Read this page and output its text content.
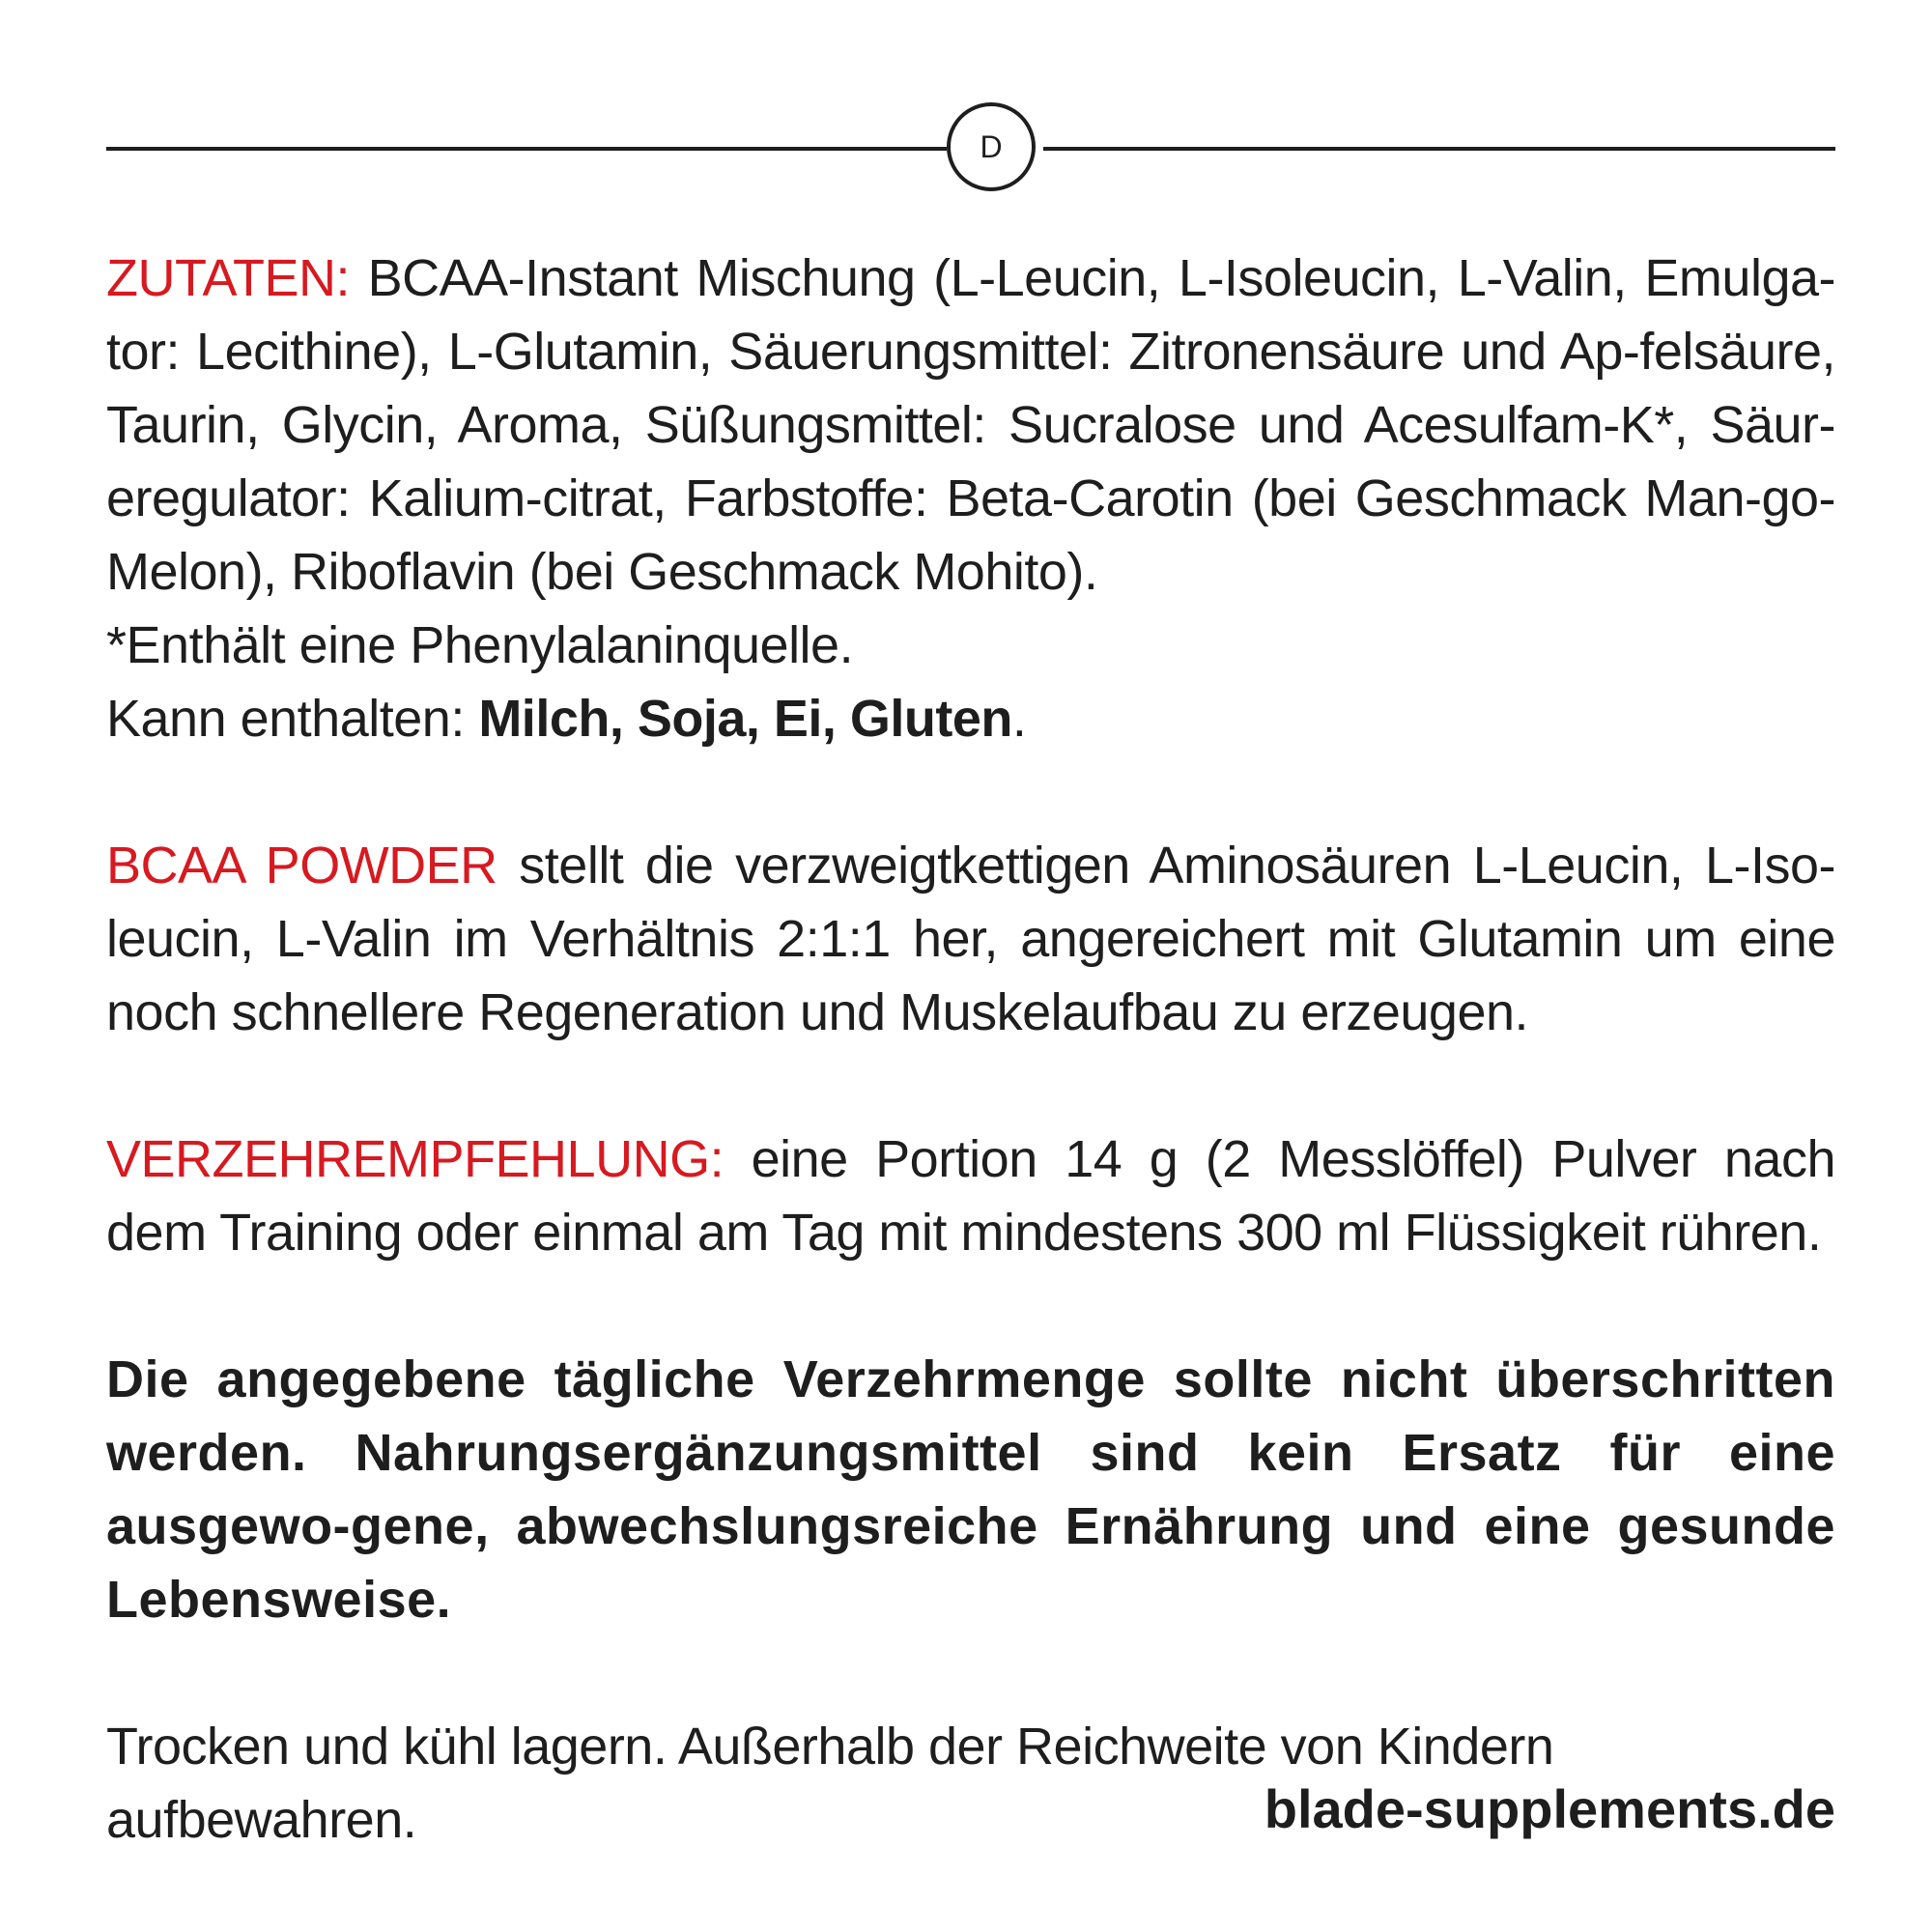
D

ZUTATEN: BCAA-Instant Mischung (L-Leucin, L-Isoleucin, L-Valin, Emulga-tor: Lecithine), L-Glutamin, Säuerungsmittel: Zitronensäure und Ap-felsäure, Taurin, Glycin, Aroma, Süßungsmittel: Sucralose und Acesulfam-K*, Säur-eregulator: Kalium-citrat, Farbstoffe: Beta-Carotin (bei Geschmack Man-go-Melon), Riboflavin (bei Geschmack Mohito).

*Enthält eine Phenylalaninquelle.

Kann enthalten: Milch, Soja, Ei, Gluten.

BCAA POWDER stellt die verzweigtkettigen Aminosäuren L-Leucin, L-Iso-leucin, L-Valin im Verhältnis 2:1:1 her, angereichert mit Glutamin um eine noch schnellere Regeneration und Muskelaufbau zu erzeugen.

VERZEHREMPFEHLUNG: eine Portion 14 g (2 Messlöffel) Pulver nach dem Training oder einmal am Tag mit mindestens 300 ml Flüssigkeit rühren.

Die angegebene tägliche Verzehrmenge sollte nicht überschritten werden. Nahrungsergänzungsmittel sind kein Ersatz für eine ausgewo-gene, abwechslungsreiche Ernährung und eine gesunde Lebensweise.

Trocken und kühl lagern. Außerhalb der Reichweite von Kindern aufbewahren.	blade-supplements.de
